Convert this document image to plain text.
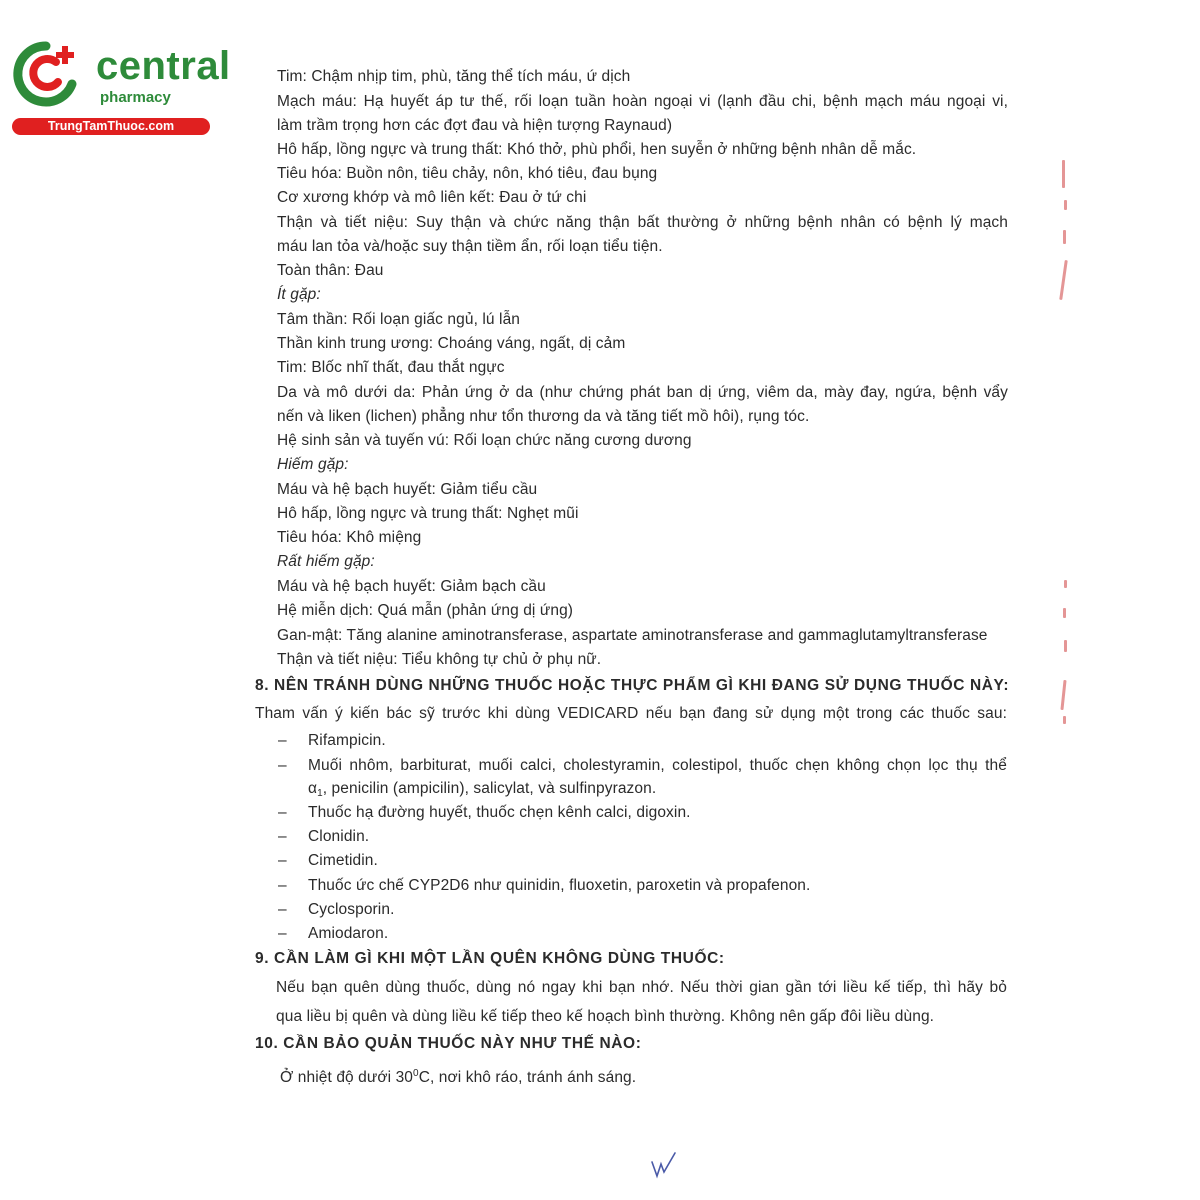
central
pharmacy
TrungTamThuoc.com
Tim: Chậm nhịp tim, phù, tăng thể tích máu, ứ dịch
Mạch máu: Hạ huyết áp tư thế, rối loạn tuần hoàn ngoại vi (lạnh đầu chi, bệnh mạch máu ngoại vi,
làm trầm trọng hơn các đợt đau và hiện tượng Raynaud)
Hô hấp, lồng ngực và trung thất: Khó thở, phù phổi, hen suyễn ở những bệnh nhân dễ mắc.
Tiêu hóa: Buồn nôn, tiêu chảy, nôn, khó tiêu, đau bụng
Cơ xương khớp và mô liên kết: Đau ở tứ chi
Thận và tiết niệu: Suy thận và chức năng thận bất thường ở những bệnh nhân có bệnh lý mạch
máu lan tỏa và/hoặc suy thận tiềm ẩn, rối loạn tiểu tiện.
Toàn thân: Đau
Ít gặp:
Tâm thần: Rối loạn giấc ngủ, lú lẫn
Thần kinh trung ương: Choáng váng, ngất, dị cảm
Tim: Blốc nhĩ thất, đau thắt ngực
Da và mô dưới da: Phản ứng ở da (như chứng phát ban dị ứng, viêm da, mày đay, ngứa, bệnh vẩy
nến và liken (lichen) phẳng như tổn thương da và tăng tiết mồ hôi), rụng tóc.
Hệ sinh sản và tuyến vú: Rối loạn chức năng cương dương
Hiếm gặp:
Máu và hệ bạch huyết: Giảm tiểu cầu
Hô hấp, lồng ngực và trung thất: Nghẹt mũi
Tiêu hóa: Khô miệng
Rất hiếm gặp:
Máu và hệ bạch huyết: Giảm bạch cầu
Hệ miễn dịch: Quá mẫn (phản ứng dị ứng)
Gan-mật: Tăng alanine aminotransferase, aspartate aminotransferase and gammaglutamyltransferase
Thận và tiết niệu: Tiểu không tự chủ ở phụ nữ.
8. NÊN TRÁNH DÙNG NHỮNG THUỐC HOẶC THỰC PHẨM GÌ KHI ĐANG SỬ DỤNG THUỐC NÀY:
Tham vấn ý kiến bác sỹ trước khi dùng VEDICARD nếu bạn đang sử dụng một trong các thuốc sau:
– Rifampicin.
– Muối nhôm, barbiturat, muối calci, cholestyramin, colestipol, thuốc chẹn không chọn lọc thụ thể
$\alpha_1$, penicilin (ampicilin), salicylat, và sulfinpyrazon.
– Thuốc hạ đường huyết, thuốc chẹn kênh calci, digoxin.
– Clonidin.
– Cimetidin.
– Thuốc ức chế CYP2D6 như quinidin, fluoxetin, paroxetin và propafenon.
– Cyclosporin.
– Amiodaron.
9. CẦN LÀM GÌ KHI MỘT LẦN QUÊN KHÔNG DÙNG THUỐC:
Nếu bạn quên dùng thuốc, dùng nó ngay khi bạn nhớ. Nếu thời gian gần tới liều kế tiếp, thì hãy bỏ
qua liều bị quên và dùng liều kế tiếp theo kế hoạch bình thường. Không nên gấp đôi liều dùng.
10. CẦN BẢO QUẢN THUỐC NÀY NHƯ THẾ NÀO:
Ở nhiệt độ dưới $30^0C$, nơi khô ráo, tránh ánh sáng.
